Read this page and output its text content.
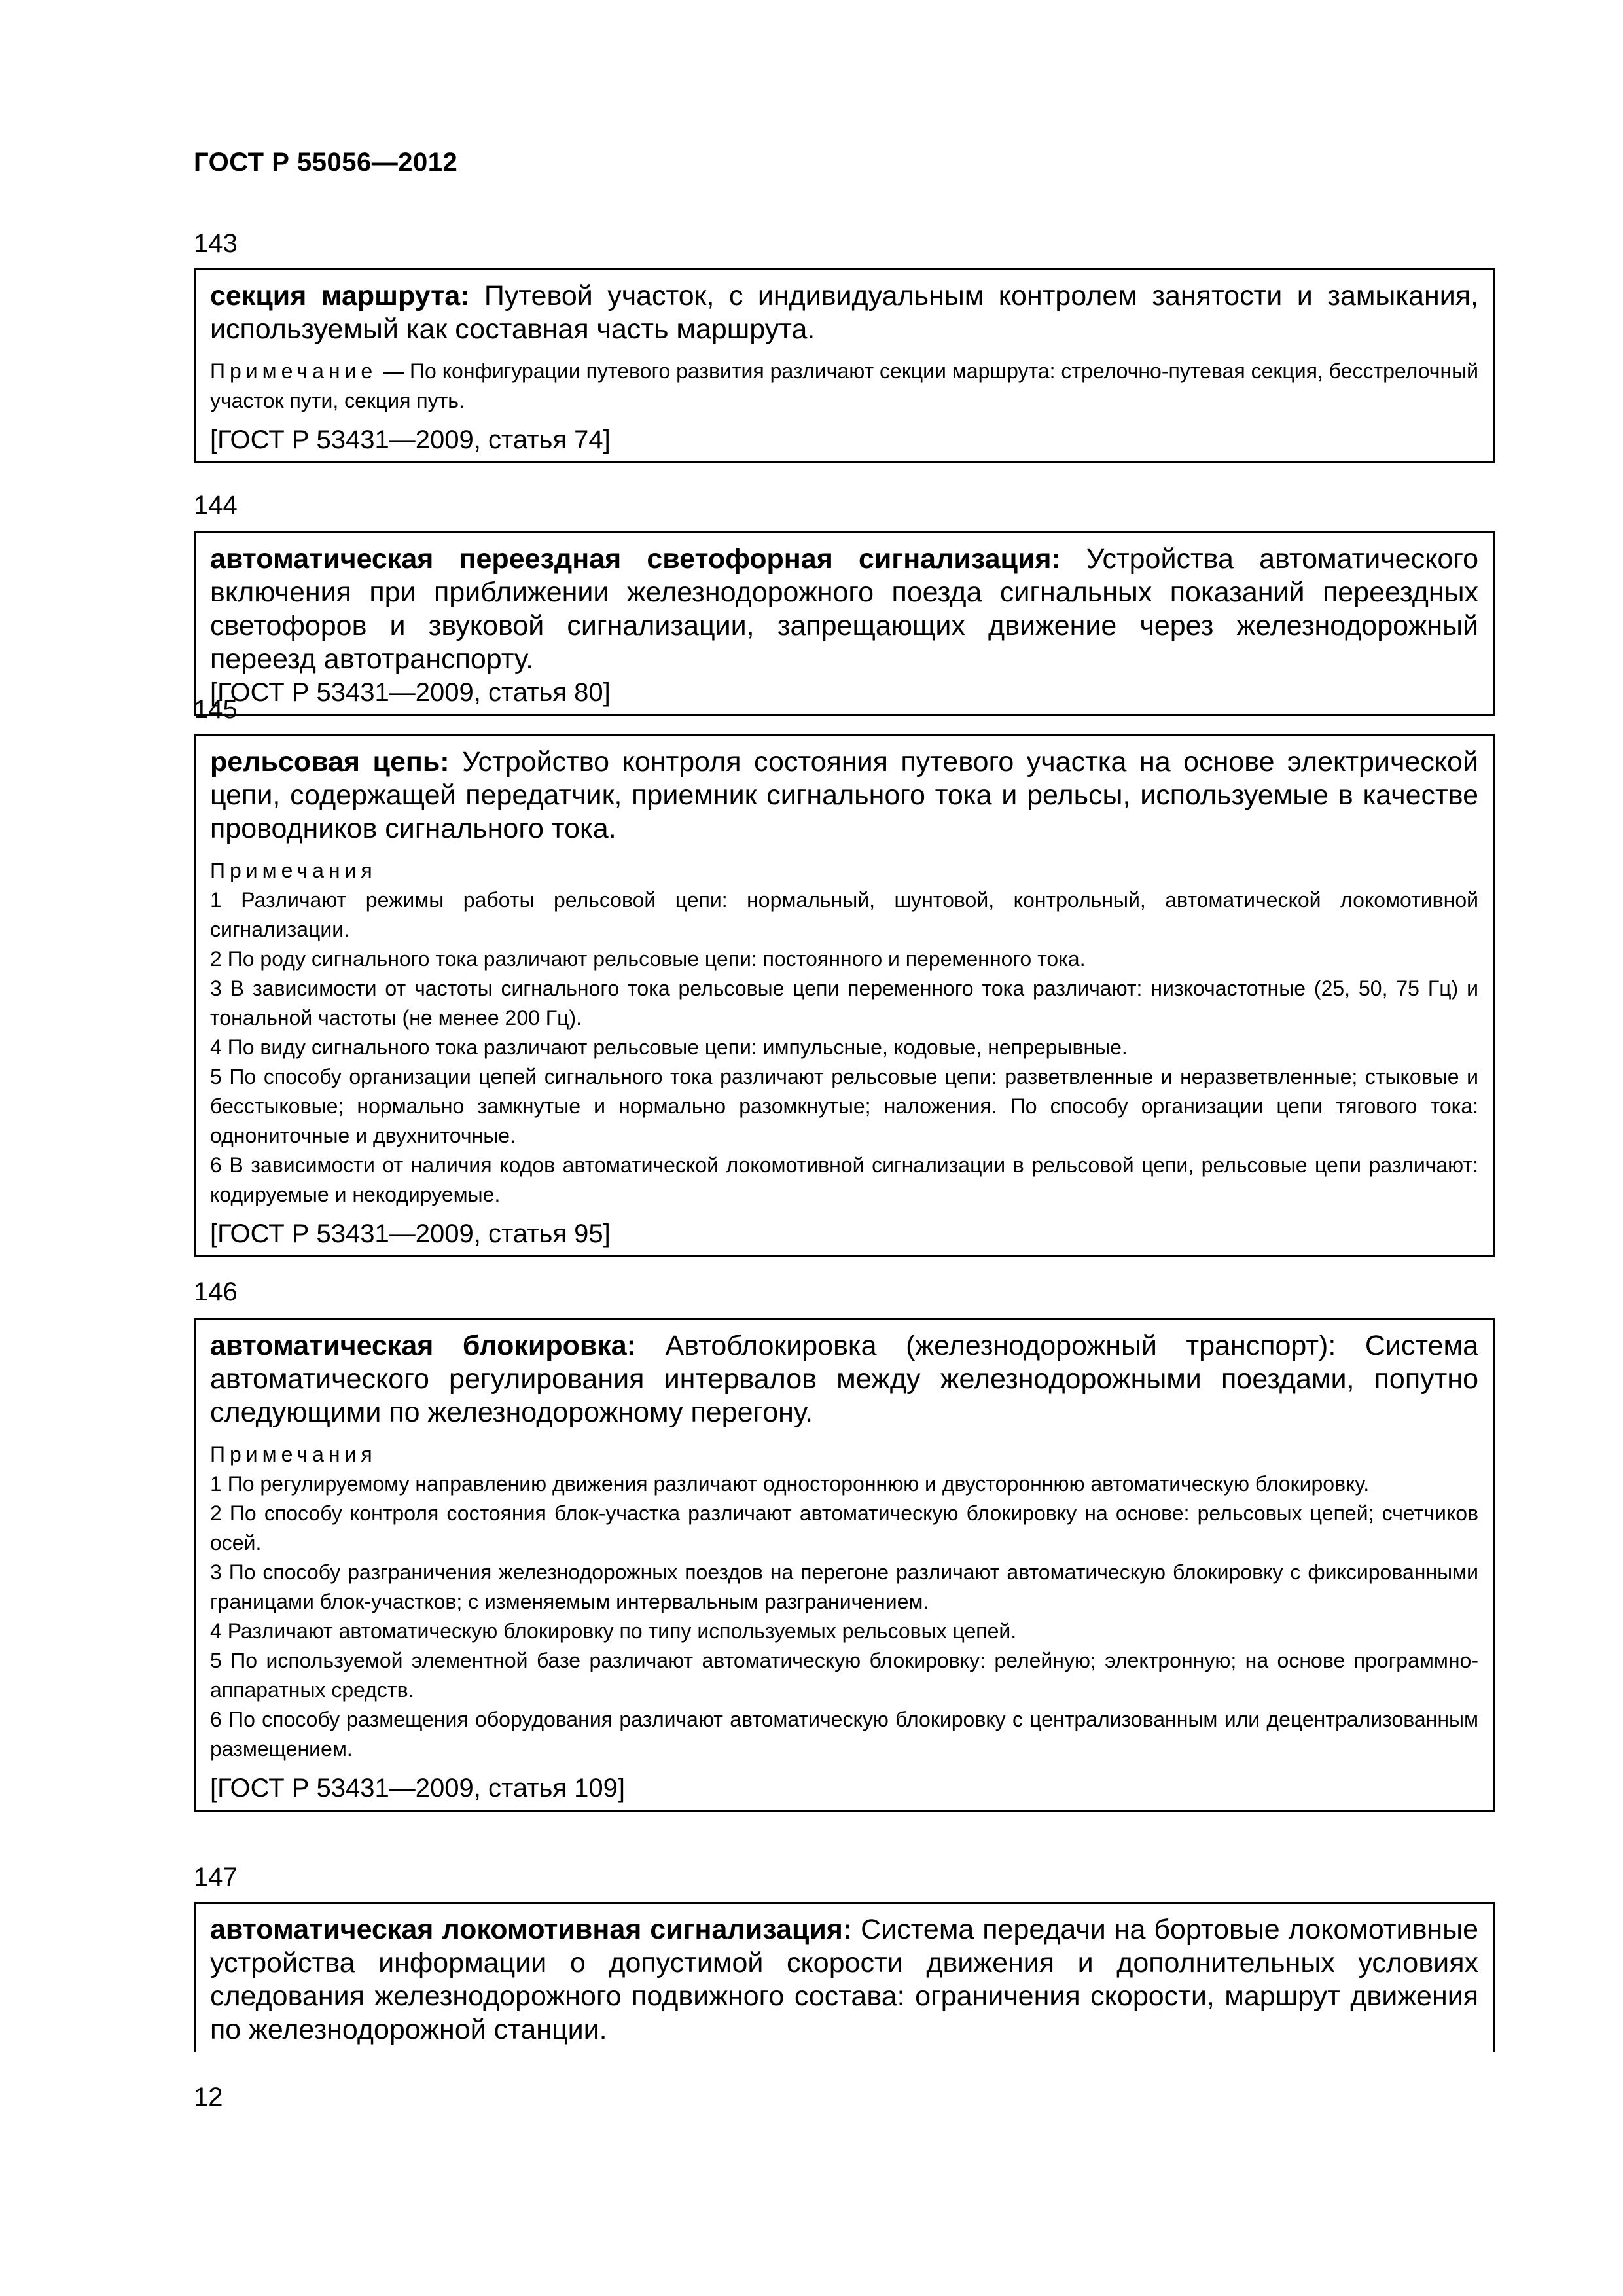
ГОСТ Р 55056—2012
143

секция маршрута: Путевой участок, с индивидуальным контролем занятости и замыкания, используемый как составная часть маршрута.

Примечание — По конфигурации путевого развития различают секции маршрута: стрелочно-путевая секция, бесстрелочный участок пути, секция путь.
[ГОСТ Р 53431—2009, статья 74]
144

автоматическая переездная светофорная сигнализация: Устройства автоматического включения при приближении железнодорожного поезда сигнальных показаний переездных светофоров и звуковой сигнализации, запрещающих движение через железнодорожный переезд автотранспорту.

[ГОСТ Р 53431—2009, статья 80]
145

рельсовая цепь: Устройство контроля состояния путевого участка на основе электрической цепи, содержащей передатчик, приемник сигнального тока и рельсы, используемые в качестве проводников сигнального тока.

Примечания
1 Различают режимы работы рельсовой цепи: нормальный, шунтовой, контрольный, автоматической локомотивной сигнализации.
2 По роду сигнального тока различают рельсовые цепи: постоянного и переменного тока.
3 В зависимости от частоты сигнального тока рельсовые цепи переменного тока различают: низкочастотные (25, 50, 75 Гц) и тональной частоты (не менее 200 Гц).
4 По виду сигнального тока различают рельсовые цепи: импульсные, кодовые, непрерывные.
5 По способу организации цепей сигнального тока различают рельсовые цепи: разветвленные и неразветвленные; стыковые и бесстыковые; нормально замкнутые и нормально разомкнутые; наложения. По способу организации цепи тягового тока: однониточные и двухниточные.
6 В зависимости от наличия кодов автоматической локомотивной сигнализации в рельсовой цепи, рельсовые цепи различают: кодируемые и некодируемые.
[ГОСТ Р 53431—2009, статья 95]
146

автоматическая блокировка: Автоблокировка (железнодорожный транспорт): Система автоматического регулирования интервалов между железнодорожными поездами, попутно следующими по железнодорожному перегону.

Примечания
1 По регулируемому направлению движения различают одностороннюю и двустороннюю автоматическую блокировку.
2 По способу контроля состояния блок-участка различают автоматическую блокировку на основе: рельсовых цепей; счетчиков осей.
3 По способу разграничения железнодорожных поездов на перегоне различают автоматическую блокировку с фиксированными границами блок-участков; с изменяемым интервальным разграничением.
4 Различают автоматическую блокировку по типу используемых рельсовых цепей.
5 По используемой элементной базе различают автоматическую блокировку: релейную; электронную; на основе программно-аппаратных средств.
6 По способу размещения оборудования различают автоматическую блокировку с централизованным или децентрализованным размещением.
[ГОСТ Р 53431—2009, статья 109]
147

автоматическая локомотивная сигнализация: Система передачи на бортовые локомотивные устройства информации о допустимой скорости движения и дополнительных условиях следования железнодорожного подвижного состава: ограничения скорости, маршрут движения по железнодорожной станции.

12
